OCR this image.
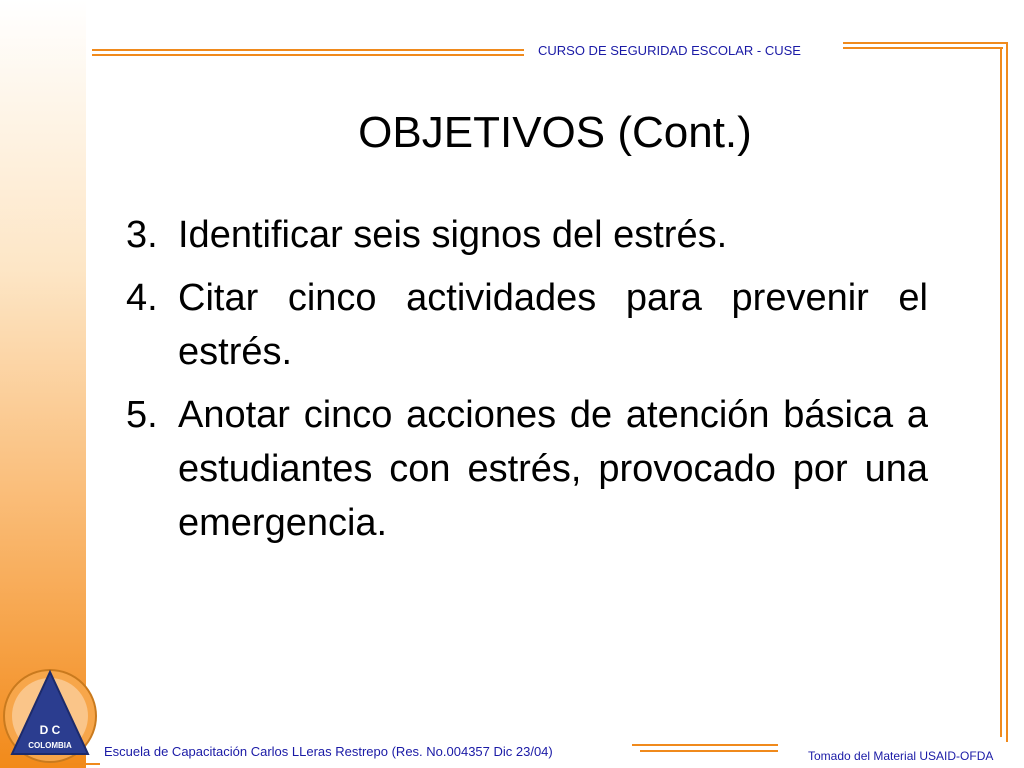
CURSO DE SEGURIDAD ESCOLAR - CUSE
OBJETIVOS (Cont.)
3. Identificar seis signos del estrés.
4. Citar cinco actividades para prevenir el estrés.
5. Anotar cinco acciones de atención básica a estudiantes con estrés, provocado por una emergencia.
Escuela de Capacitación Carlos LLeras Restrepo (Res. No.004357 Dic 23/04)	Tomado del Material USAID-OFDA
D C
COLOMBIA
